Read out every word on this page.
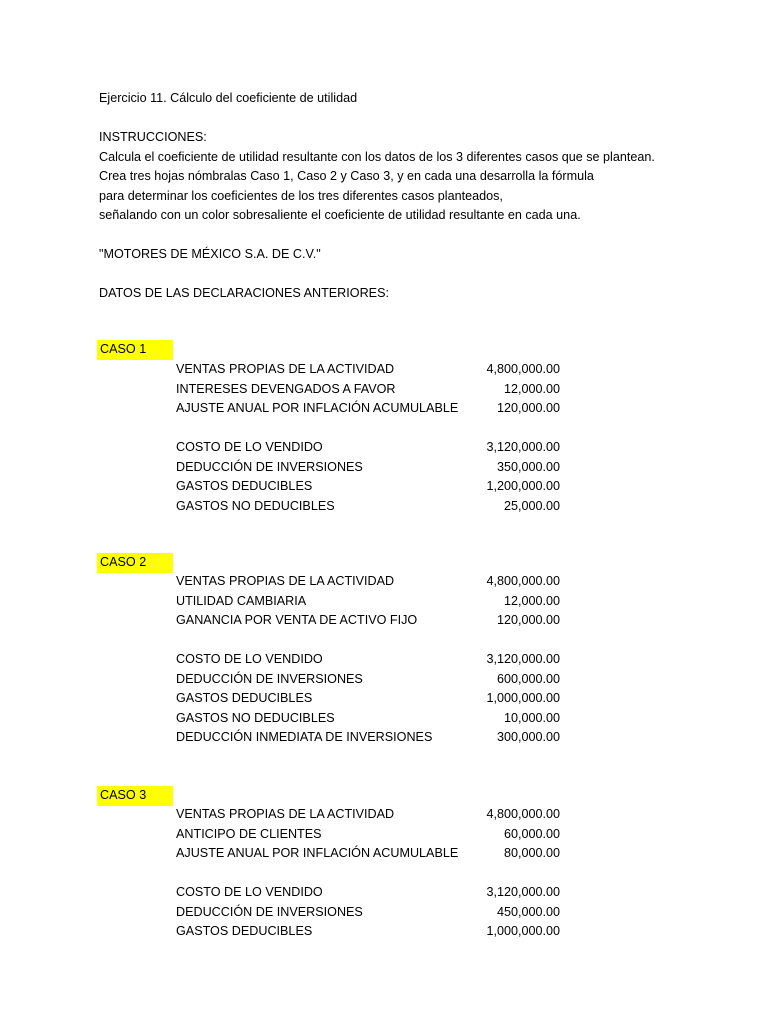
Ejercicio 11. Cálculo del coeficiente de utilidad
INSTRUCCIONES:
Calcula el coeficiente de utilidad resultante con los datos de los 3 diferentes casos que se plantean.
Crea tres hojas nómbralas Caso 1, Caso 2 y Caso 3, y en cada una desarrolla la fórmula
para determinar los coeficientes de los tres diferentes casos planteados,
señalando con un color sobresaliente el coeficiente de utilidad resultante en cada una.
"MOTORES DE MÉXICO S.A. DE C.V."
DATOS DE LAS DECLARACIONES ANTERIORES:
CASO 1
VENTAS PROPIAS DE LA ACTIVIDAD	4,800,000.00
INTERESES DEVENGADOS A FAVOR	12,000.00
AJUSTE ANUAL POR INFLACIÓN ACUMULABLE	120,000.00
COSTO DE LO VENDIDO	3,120,000.00
DEDUCCIÓN DE INVERSIONES	350,000.00
GASTOS DEDUCIBLES	1,200,000.00
GASTOS NO DEDUCIBLES	25,000.00
CASO 2
VENTAS PROPIAS DE LA ACTIVIDAD	4,800,000.00
UTILIDAD CAMBIARIA	12,000.00
GANANCIA POR VENTA DE ACTIVO FIJO	120,000.00
COSTO DE LO VENDIDO	3,120,000.00
DEDUCCIÓN DE INVERSIONES	600,000.00
GASTOS DEDUCIBLES	1,000,000.00
GASTOS NO DEDUCIBLES	10,000.00
DEDUCCIÓN INMEDIATA DE INVERSIONES	300,000.00
CASO 3
VENTAS PROPIAS DE LA ACTIVIDAD	4,800,000.00
ANTICIPO DE CLIENTES	60,000.00
AJUSTE ANUAL POR INFLACIÓN ACUMULABLE	80,000.00
COSTO DE LO VENDIDO	3,120,000.00
DEDUCCIÓN DE INVERSIONES	450,000.00
GASTOS DEDUCIBLES	1,000,000.00
